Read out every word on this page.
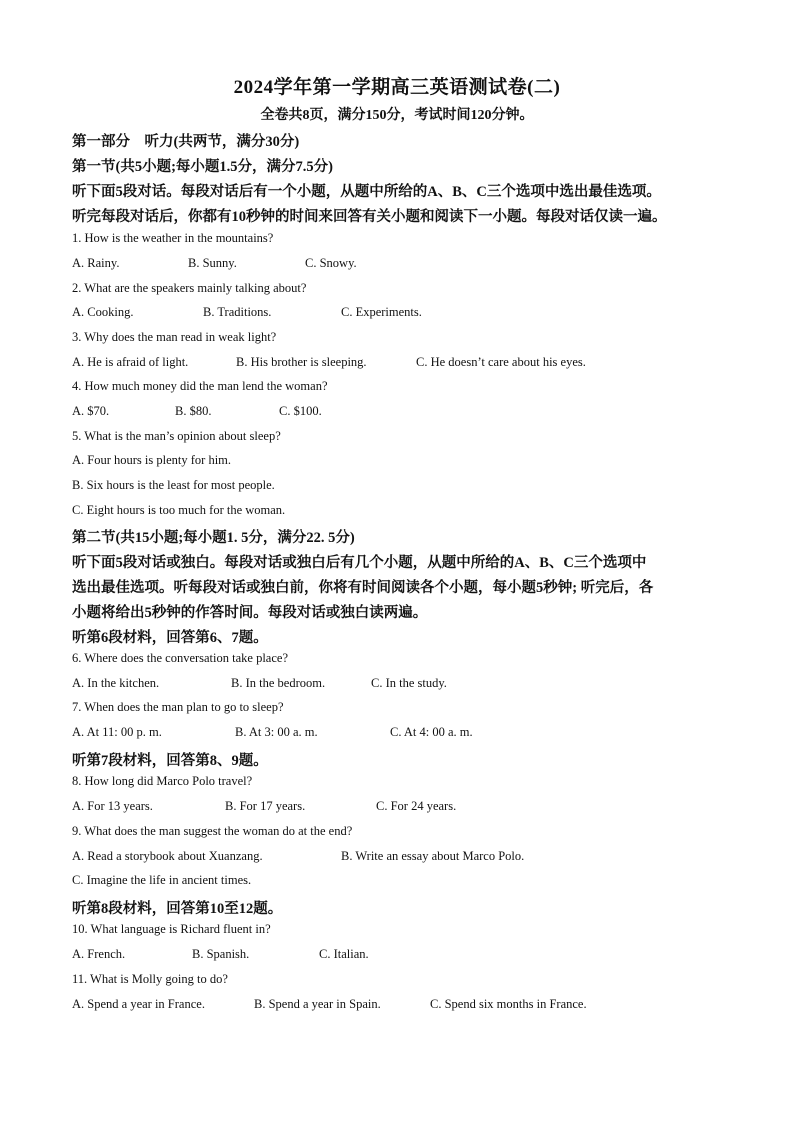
2024学年第一学期高三英语测试卷(二)
全卷共8页，满分150分，考试时间120分钟。
第一部分　听力(共两节，满分30分)
第一节(共5小题;每小题1.5分，满分7.5分)
听下面5段对话。每段对话后有一个小题，从题中所给的A、B、C三个选项中选出最佳选项。
听完每段对话后，你都有10秒钟的时间来回答有关小题和阅读下一小题。每段对话仅读一遍。
1. How is the weather in the mountains?
A. Rainy.	B. Sunny.	C. Snowy.
2. What are the speakers mainly talking about?
A. Cooking.	B. Traditions.	C. Experiments.
3. Why does the man read in weak light?
A. He is afraid of light.	B. His brother is sleeping.	C. He doesn’t care about his eyes.
4. How much money did the man lend the woman?
A. $70.	B. $80.	C. $100.
5. What is the man’s opinion about sleep?
A. Four hours is plenty for him.
B. Six hours is the least for most people.
C. Eight hours is too much for the woman.
第二节(共15小题;每小题1. 5分，满分22. 5分)
听下面5段对话或独白。每段对话或独白后有几个小题，从题中所给的A、B、C三个选项中
选出最佳选项。听每段对话或独白前，你将有时间阅读各个小题，每小题5秒钟; 听完后，各
小题将给出5秒钟的作答时间。每段对话或独白读两遍。
听第6段材料，回答第6、7题。
6. Where does the conversation take place?
A. In the kitchen.	B. In the bedroom.	C. In the study.
7. When does the man plan to go to sleep?
A. At 11: 00 p. m.	B. At 3: 00 a. m.	C. At 4: 00 a. m.
听第7段材料，回答第8、9题。
8. How long did Marco Polo travel?
A. For 13 years.	B. For 17 years.	C. For 24 years.
9. What does the man suggest the woman do at the end?
A. Read a storybook about Xuanzang.	B. Write an essay about Marco Polo.
C. Imagine the life in ancient times.
听第8段材料，回答第10至12题。
10. What language is Richard fluent in?
A. French.	B. Spanish.	C. Italian.
11. What is Molly going to do?
A. Spend a year in France.	B. Spend a year in Spain.	C. Spend six months in France.
